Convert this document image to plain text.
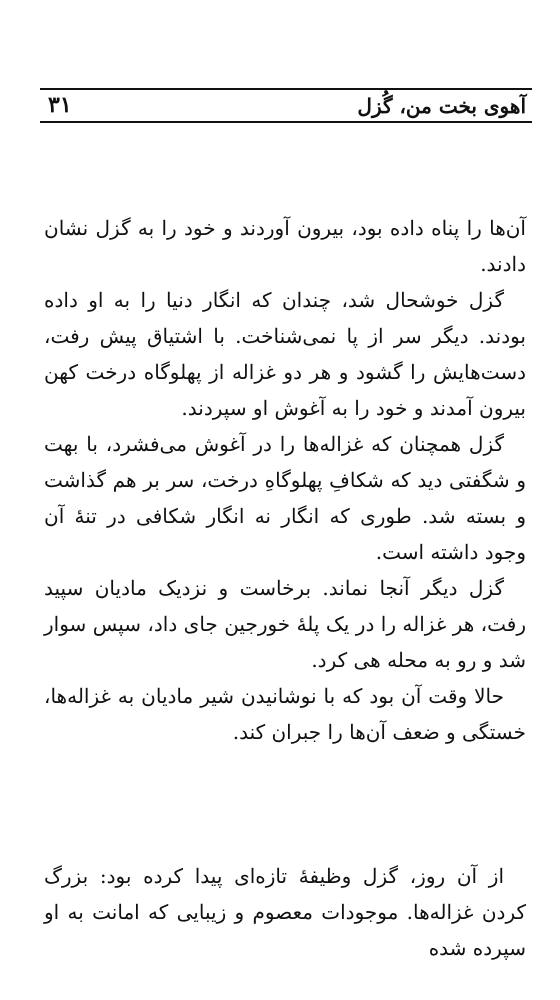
آهوی بخت من، گُزل
۳۱

آن‌ها را پناه داده بود، بیرون آوردند و خود را به گزل نشان دادند.

گزل خوشحال شد، چندان که انگار دنیا را به او داده بودند. دیگر سر از پا نمی‌شناخت. با اشتیاق پیش رفت، دست‌هایش را گشود و هر دو غزاله از پهلوگاه درخت کهن بیرون آمدند و خود را به آغوش او سپردند.

گزل همچنان که غزاله‌ها را در آغوش می‌فشرد، با بهت و شگفتی دید که شکافِ پهلوگاهِ درخت، سر بر هم گذاشت و بسته شد. طوری که انگار نه انگار شکافی در تنهٔ آن وجود داشته است.

گزل دیگر آنجا نماند. برخاست و نزدیک مادیان سپید رفت، هر غزاله را در یک پلهٔ خورجین جای داد، سپس سوار شد و رو به محله هی کرد.

حالا وقت آن بود که با نوشانیدن شیر مادیان به غزاله‌ها، خستگی و ضعف آن‌ها را جبران کند.

از آن روز، گزل وظیفهٔ تازه‌ای پیدا کرده بود: بزرگ کردن غزاله‌ها. موجودات معصوم و زیبایی که امانت به او سپرده شده
